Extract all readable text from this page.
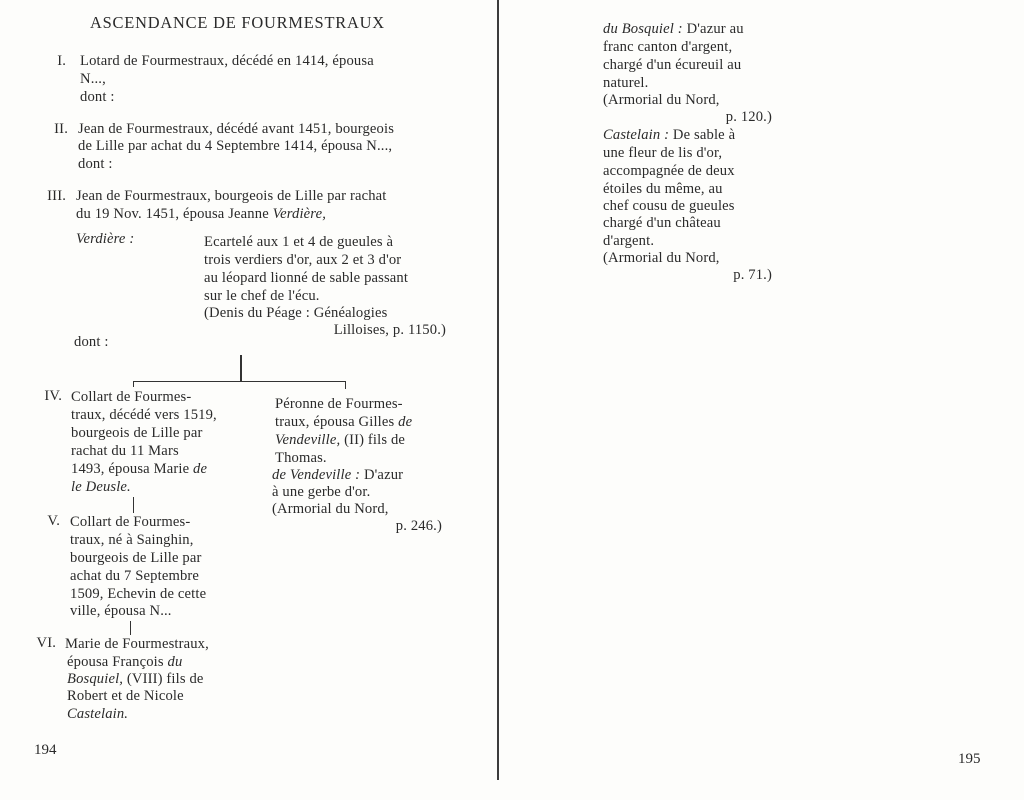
ASCENDANCE DE FOURMESTRAUX
I. Lotard de Fourmestraux, décédé en 1414, épousa
N...,
dont :
II. Jean de Fourmestraux, décédé avant 1451, bourgeois
de Lille par achat du 4 Septembre 1414, épousa N...,
dont :
III. Jean de Fourmestraux, bourgeois de Lille par rachat
du 19 Nov. 1451, épousa Jeanne Verdière,
Verdière :	Ecartelé aux 1 et 4 de gueules à
trois verdiers d'or, aux 2 et 3 d'or
au léopard lionné de sable passant
sur le chef de l'écu.
(Denis du Péage : Généalogies
Lilloises, p. 1150.)
dont :
IV. Collart de Fourmes-
traux, décédé vers 1519,
bourgeois de Lille par
rachat du 11 Mars
1493, épousa Marie de
le Deusle.
Péronne de Fourmes-
traux, épousa Gilles de
Vendeville, (II) fils de
Thomas.
de Vendeville : D'azur
à une gerbe d'or.
(Armorial du Nord,
p. 246.)
V. Collart de Fourmes-
traux, né à Sainghin,
bourgeois de Lille par
achat du 7 Septembre
1509, Echevin de cette
ville, épousa N...
VI. Marie de Fourmestraux,
épousa François du
Bosquiel, (VIII) fils de
Robert et de Nicole
Castelain.
194
du Bosquiel : D'azur au
franc canton d'argent,
chargé d'un écureuil au
naturel.
(Armorial du Nord,
p. 120.)
Castelain : De sable à
une fleur de lis d'or,
accompagnée de deux
étoiles du même, au
chef cousu de gueules
chargé d'un château
d'argent.
(Armorial du Nord,
p. 71.)
195
